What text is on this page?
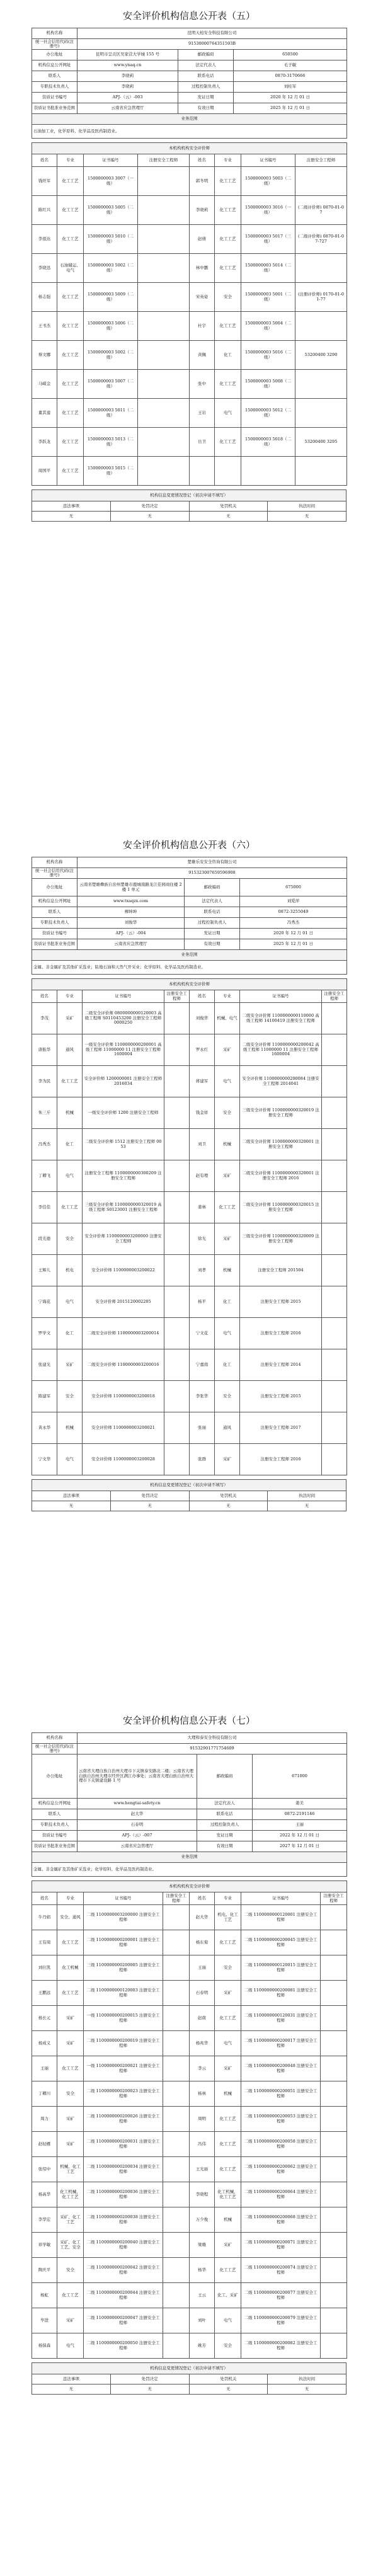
安全评价机构信息公开表（五）
机构名称	昆明天柏安全科技有限公司		
统一社会信用代码(注册号)	91530000764351593B		
办公地址	昆明市呈贡区吴家营大学城 155 号	邮政编码	650500
机构信息公开网址	www.ynaq.cn	法定代表人	毛子敏
联系人	李晓莉	联系电话	0870-3170666
专职技术负责人	李晓莉	过程控制负责人	刘桂军
资质证书编号	APJ-（云）-003	发证日期	2020 年 12 月 01 日
资质证书批准业务范围	云南省应急管理厅	有效日期	2025 年 12 月 01 日
业务范围			
石油加工业，化学原料、化学品及医药制造业。			
本机构机构安全评价师							
姓名	专业	证书编号	注册安全工程师	姓名	专业	证书编号	注册安全工程师
钱旺军	化工工艺	1500000003 3007（一级）		郭冬明	化工工艺	1500000003 5003（二级）	
陈红兴	化工工艺	1500000003 5005（二级）		李晓莉	化工工艺	1500000003 3016（一级）	(二级评价师) 0870-01-07
李祖达	化工工艺	1500000003 5010（二级）		赵倩	化工工艺	1500000003 5017（三级）	(二级评价师) 0870-01-07-727
李晓迅	石油储运、电气	1500000003 5002（二级）		林中鹏	化工工艺	1500000003 5014（二级）	
杨志强	化工工艺	1500000003 5009（二级）		宋英姿	安全	1500000003 5001（二级）	(注册评价师) 0170-01-01-77
王书杰	化工工艺	1500000003 5006（二级）		杜宇	化工工艺	1500000003 5004（二级）	
蔡文娜	化工工艺	1500000003 5002（二级）		黄佩	化工	1500000003 5016（二级）	53200400 3290
马嵘金	化工工艺	1500000003 5007（二级）		张中	化工工艺	1500000003 5008（二级）	
董其莲	化工工艺	1500000003 5011（二级）		王岩	电气	1500000003 5012（二级）	
李跃龙	化工工艺	1500000003 5013（二级）		岳卫	化工工艺	1500000003 5018（二级）	53200400 3295
周国平	化工工艺	1500000003 5015（二级）					
机构信息变更情况登记（初次申请不填写）			
违法事项	处罚决定	处罚机关	执法时间
无	无	无	无
安全评价机构信息公开表（六）
机构名称	楚雄乐安安全咨询有限公司		
统一社会信用代码(注册号)	915323007659596908		
办公地址	云南省楚雄彝族自治州楚雄市鹿城南路龙江佳园商住楼 2 楼 1 单元	邮政编码	675000
机构信息公开网址	www.txaqzx.com	法定代表人	刘爱萍
联系人	柳坤坤	联系电话	0872-3255049
专职技术负责人	刘俊华	过程控制负责人	冯秀杰
资质证书编号	APJ-（云）-004	发证日期	2020 年 12 月 01 日
资质证书批准业务范围	云南省应急管理厅	有效日期	2025 年 12 月 01 日
业务范围			
金属、非金属矿及其他矿采选业；陆地石油和天然气开采业；化学原料、化学品及医药制造业。			
本机构机构安全评价师							
姓名	专业	证书编号	注册安全工程师	姓名	专业	证书编号	注册安全工程师
李茂	采矿	二级安全评价师 0800000000120003 高级工程师 S0110453200 注册安全工程师 0000250		刘俊华	机械、电气	二级安全评价师 1100000000110000 高级工程师 14100419 注册安全工程师	
唐振华	通风	一级安全评价师 1100000000200001 高级工程师 11000000 11 注册安全工程师 1600004		罗永红	采矿	二级安全评价师 1100000000200042 高级工程师 11000000 11 注册安全工程师 1600004	
李为民	化工工艺	安全评价师 1200000001 注册安全工程师 2016034		蒋建军	电气	安全评价师 1100000000200084 注册安全工程师 2014041	
朱三斤	机械	一级安全评价师 1200 注册安全工程师		钱金祥	安全	三级安全评价师 1100000000320019 注册安全工程师	
冯秀杰	化工	二级安全评价师 1512 注册安全工程师 0053		刘卫	机械	二级安全评价师 1100000000320001 注册安全工程师	
丁卿飞	电气	注册安全工程师 1100000000300209 注册安全工程师		赵有理	采矿	二级安全评价师 1100000000320001 注册安全工程师 2016	
李佳佳	化工工艺	三级安全评价师 1100000000320019 高级工程师 S0123001 注册安全工程师		姜林	化工工艺	二级安全评价师 1100000000320015 注册安全工程师	
段光德	安全	安全评价师 1100000003200000 注册安全工程师		徐光	采矿	三级安全评价师 1100000000320009 注册安全工程师	
王辉儿	机电	安全评价师 1100000003200022		刘孝	机械	注册安全工程师 201504	
宁海花	电气	安全评价师 2015120002205		杨平	化工	注册安全工程师 2015	
罗学文	化工	二级安全评价师 1100000003200014		宁文花	电气	注册安全工程师 2016	
张建光	采矿	二级安全评价师 1100000003200016		宁嘉南	化工	注册安全工程师 2014	
陈建军	安全	安全评价师 1100000003200018		李张华	安全	注册安全工程师 2015	
黄永华	机械	安全评价师 1100000003200021		张丽	通风	注册安全工程师 2017	
宁文华	电气	安全评价师 1100000003200028		张群	采矿	注册安全工程师 2016	
机构信息变更情况登记（初次申请不填写）			
违法事项	处罚决定	处罚机关	执法时间
无	无	无	无
安全评价机构信息公开表（七）
机构名称	大理和泰安全科技有限公司		
统一社会信用代码(注册号)	91532901771754609		
办公地址	云南省大理白族自治州大理市下关镇泰安路北二楼；云南省大理白族自治州大理市经开区满江办事处；云南省大理白族自治州大理市下关镇建设路 1 号	邮政编码	671000
机构信息公开网址	www.hengtai-safety.cn	法定代表人	姜美
联系人	赵大华	联系电话	0872-2191146
专职技术负责人	石春明	过程控制负责人	王丽
资质证书编号	APJ-（云）-007	发证日期	2022 年 12 月 01 日
资质证书批准业务范围	云南省应急管理厅	有效日期	2027 年 12 月 01 日
业务范围			
金属、非金属矿及其他矿采选业；化学原料、化学品及医药制造业。			
本机构机构安全评价师							
姓名	专业	证书编号	注册安全工程师	姓名	专业	证书编号	注册安全工程师
牛丹娟	安全、通风	二级 1100000003200000 注册安全工程师		赵大华	机电、化工工艺	二级 1100000000120001 注册安全工程师	
王有周	化工工艺	二级 1100000000200001 注册安全工程师		杨东菊	化工工艺	二级 1100000000200045 注册安全工程师	
刘仕凯	化工机械	三级 1100000000200005 注册安全工程师		王丽	安全	二级 1100000000120015 注册安全工程师	
王鹏远	化工工艺	二级 1100000000120003 注册安全工程师		石春明	采矿	二级 1100000000200081 注册安全工程师	
杨长元	采矿	一级 1100000000200015 注册安全工程师		赵南	化工工艺	二级 1100000000120031 注册安全工程师	
杨成义	采矿	二级 1100000000200019 注册安全工程师		杨兆华	电气	二级 1100000000200017 注册安全工程师	
王丽	化工工艺	一级 1100000000200021 注册安全工程师		李云	采矿	二级 1100000000200048 注册安全工程师	
丁卿川	安全	二级 1100000000200023 注册安全工程师		杨林	机械	二级 1100000000200051 注册安全工程师	
周力	采矿	二级 1100000000200026 注册安全工程师		周明	化工工艺	二级 1100000000200053 注册安全工程师	
赵轻雁	采矿	二级 1100000000200031 注册安全工程师		冯伟	化工工艺	二级 1100000000200058 注册安全工程师	
张绍中	机械、化工工艺	二级 1100000000200034 注册安全工程师		王光丽	化工工艺	二级 1100000000200062 注册安全工程师	
杨高华	化工机械、化工工艺	二级 1100000000200036 注册安全工程师		李晓程	化工机械、化工工艺	二级 1100000000200064 注册安全工程师	
李华宏	采矿、化工工艺	二级 1100000000200038 注册安全工程师		万少俊	机械	二级 1100000000200068 注册安全工程师	
祥学敏	采矿、化工工艺、安全	二级 1100000000200040 注册安全工程师		梁雄	采矿	二级 1100000000200071 注册安全工程师	
陶庆平	安全	二级 1100000000200042 注册安全工程师		杨华	化工工艺	二级 1100000000200074 注册安全工程师	
杨虹	化工工艺	二级 1100000000200044 注册安全工程师		王云	化工、采矿	二级 1100000000200077 注册安全工程师	
毕进	采矿	二级 1100000000200047 注册安全工程师		刘叶	电气	二级 1100000000200079 注册安全工程师	
杨保森	电气	二级 1100000000200050 注册安全工程师		姚芳	安全	二级 1100000000200082 注册安全工程师	
机构信息变更情况登记（初次申请不填写）			
违法事项	处罚决定	处罚机关	执法时间
无	无	无	无
